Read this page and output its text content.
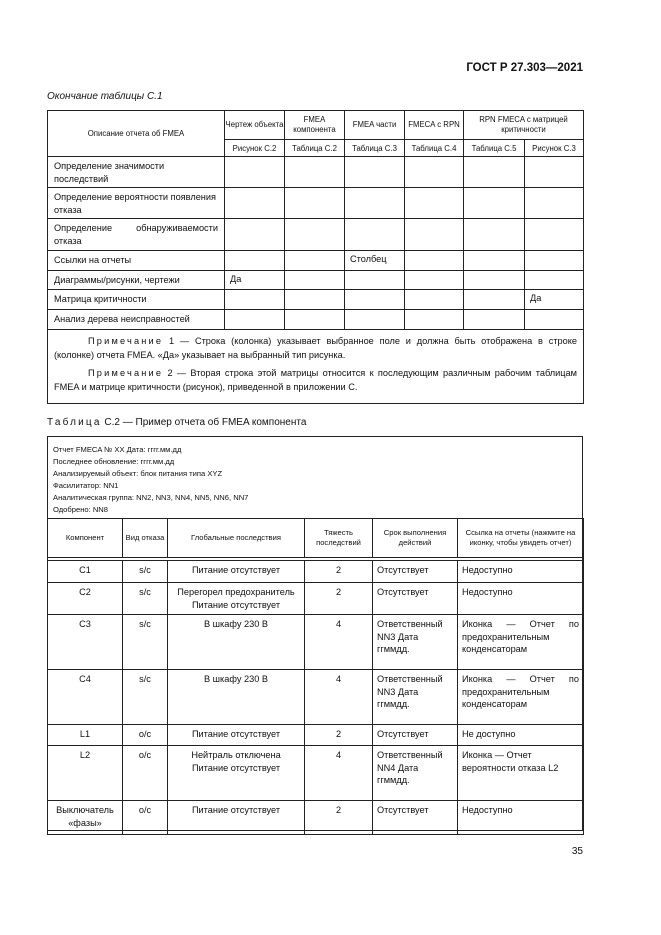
ГОСТ Р 27.303—2021
Окончание таблицы С.1
Описание отчета об FMEA	Чертеж объекта	FMEA компонента	FMEA части	FMECA с RPN	RPN FMECA с матрицей критичности	
	Рисунок С.2	Таблица С.2	Таблица С.3	Таблица С.4	Таблица С.5	Рисунок С.3
Определение значимости последствий						
Определение вероятности появления отказа						
Определение обнаруживаемости отказа						
Ссылки на отчеты			Столбец			
Диаграммы/рисунки, чертежи	Да					
Матрица критичности						Да
Анализ дерева неисправностей						

Примечание 1 — Строка (колонка) указывает выбранное поле и должна быть отображена в строке (колонке) отчета FMEA. «Да» указывает на выбранный тип рисунка.

Примечание 2 — Вторая строка этой матрицы относится к последующим различным рабочим таблицам FMEA и матрице критичности (рисунок), приведенной в приложении С.						

Таблица С.2 — Пример отчета об FMEA компонента
Отчет FMECA № XX Дата: гггг.мм.дд
Последнее обновление: гггг.мм.дд
Анализируемый объект: блок питания типа XYZ
Фасилитатор: NN1
Аналитическая группа: NN2, NN3, NN4, NN5, NN6, NN7
Одобрено: NN8
Компонент	Вид отказа	Глобальные последствия	Тяжесть последствий	Срок выполнения действий	Ссылка на отчеты (нажмите на иконку, чтобы увидеть отчет)

С1	s/c	Питание отсутствует	2	Отсутствует	Недоступно
С2	s/c	Перегорел предохранитель Питание отсутствует	2	Отсутствует	Недоступно
С3	s/c	В шкафу 230 В	4	Ответственный NN3 Дата ггммдд.	Иконка — Отчет по предохранительным конденсаторам
С4	s/c	В шкафу 230 В	4	Ответственный NN3 Дата ггммдд.	Иконка — Отчет по предохранительным конденсаторам
L1	o/c	Питание отсутствует	2	Отсутствует	Не доступно
L2	o/c	Нейтраль отключена Питание отсутствует	4	Ответственный NN4 Дата ггммдд.	Иконка — Отчет вероятности отказа L2
Выключатель «фазы»	o/c	Питание отсутствует	2	Отсутствует	Недоступно
35
